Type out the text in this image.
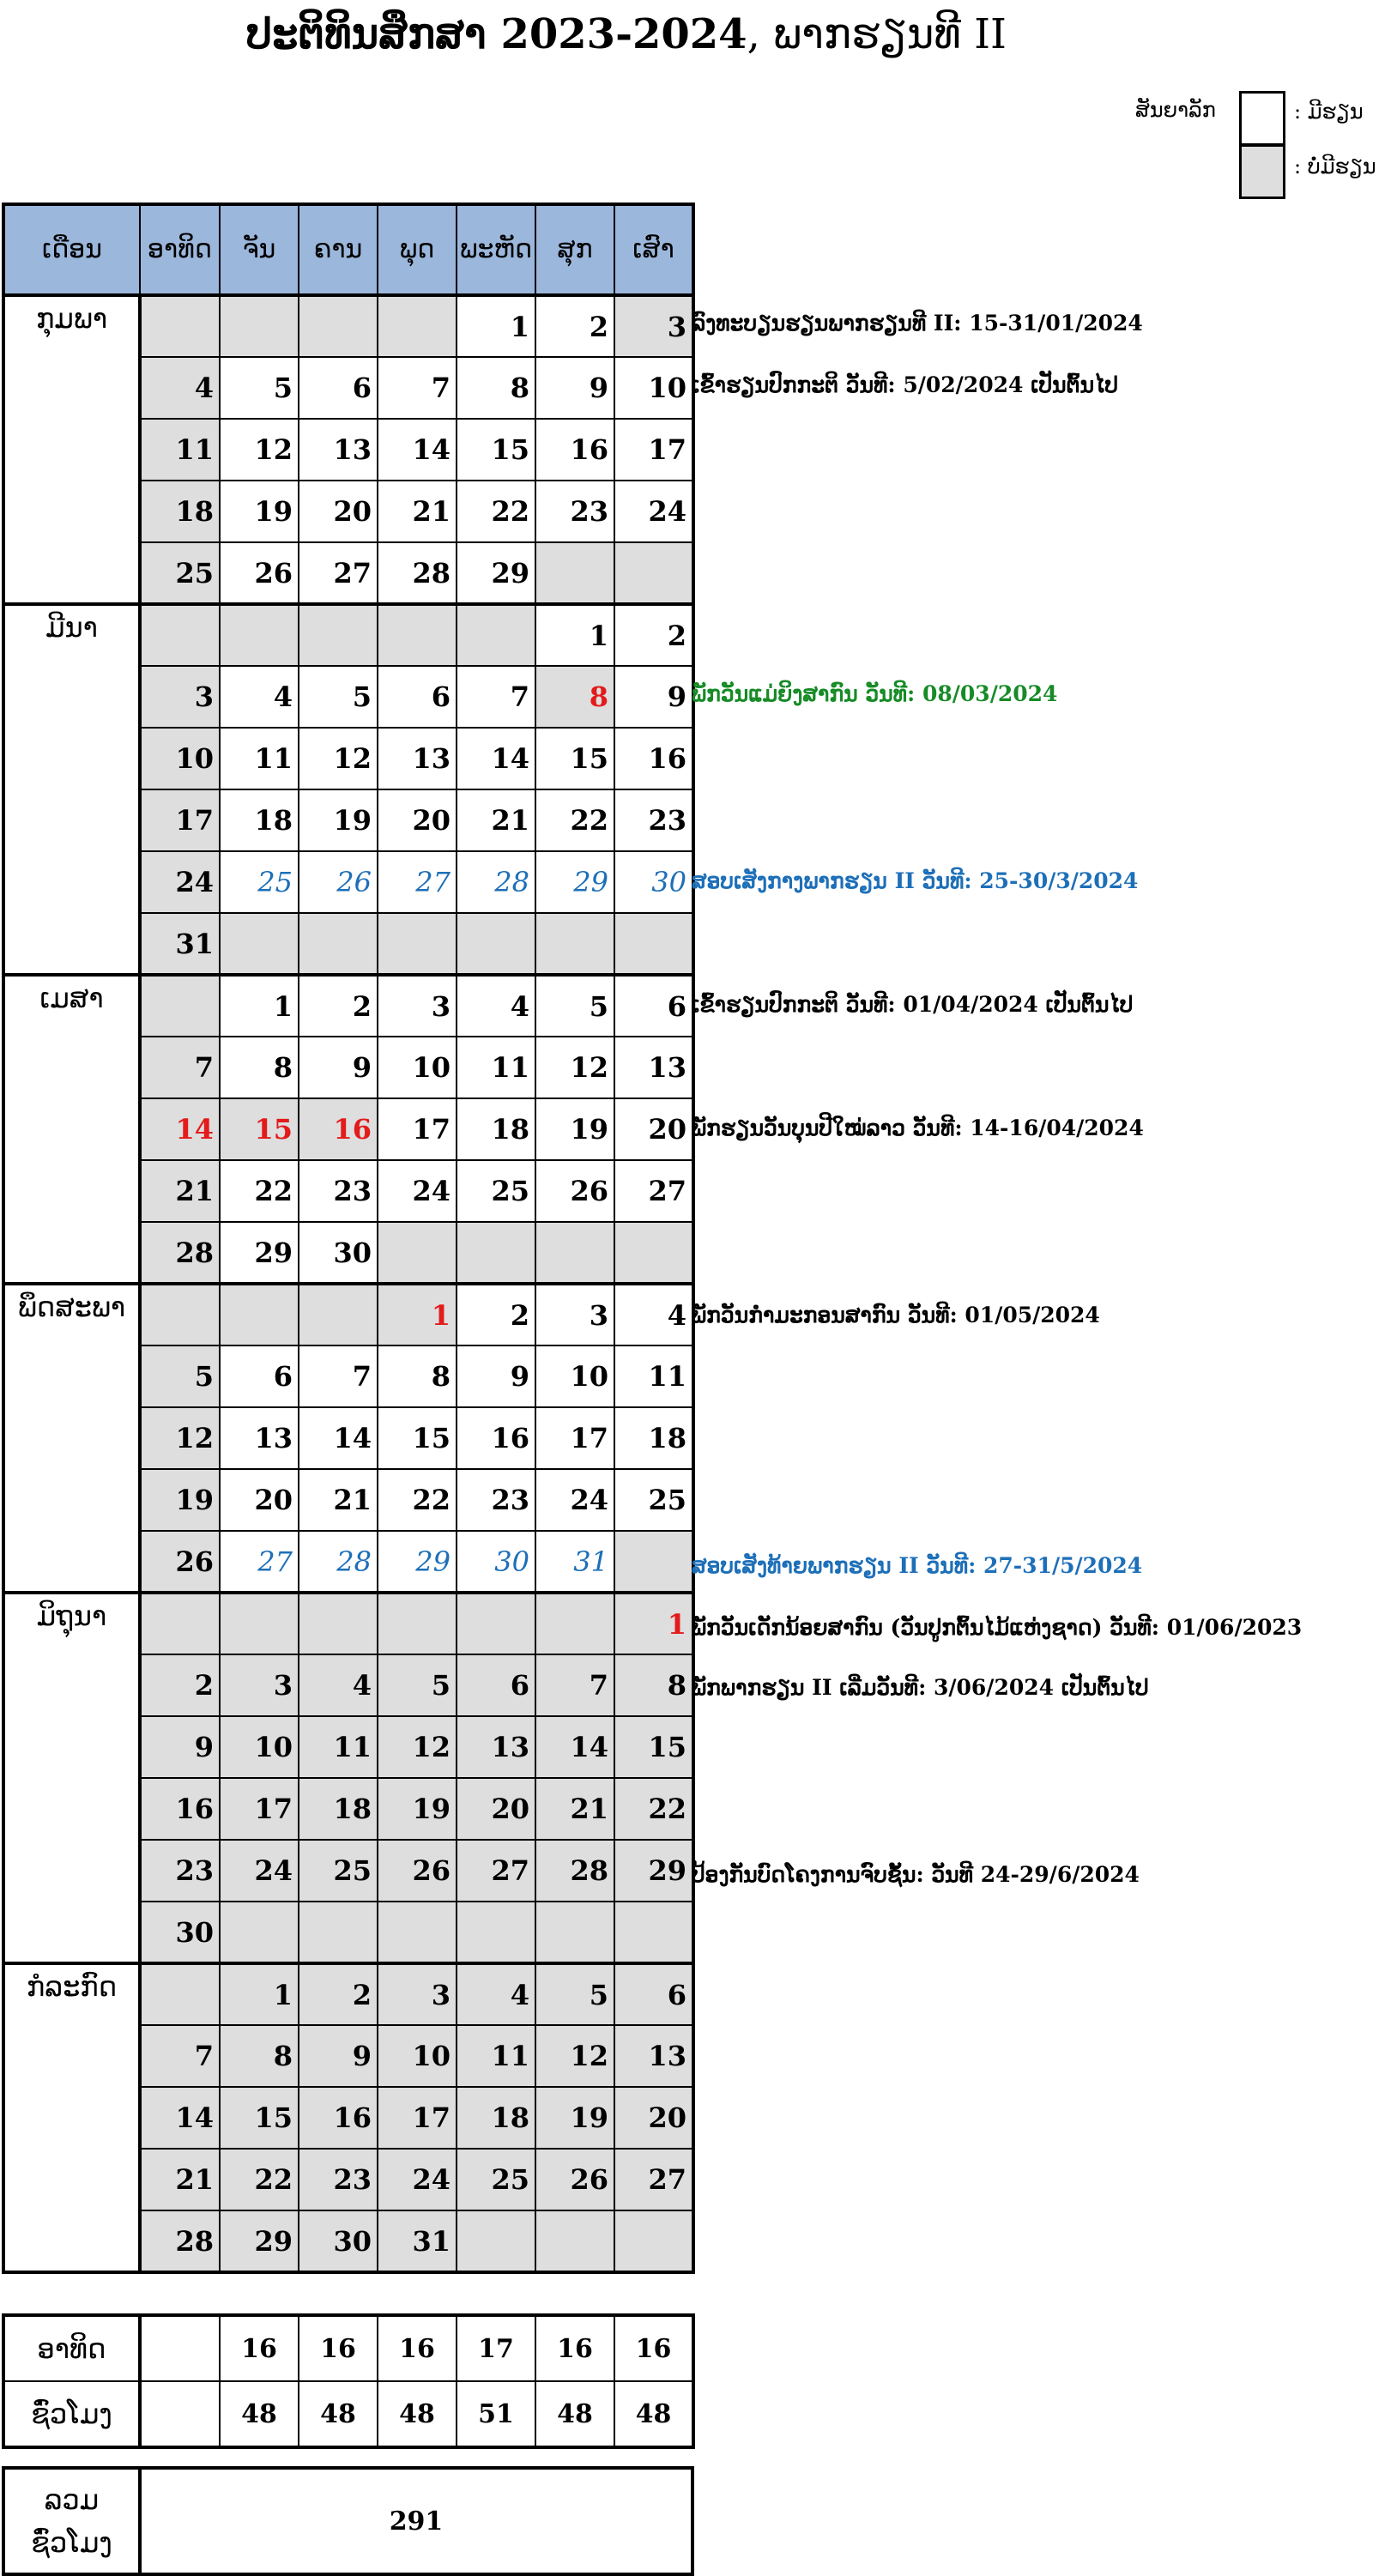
ປະຕິທິນສຶກສາ 2023-2024, ພາກຮຽນທີ II
ສັນຍາລັກ	: ມີຮຽນ
: ບໍ່ມີຮຽນ
ເດືອນ	ອາທິດ	ຈັນ	ຄານ	ພຸດ	ພະຫັດ	ສຸກ	ເສົາ
ກຸມພາ					1	2	3
	4	5	6	7	8	9	10
	11	12	13	14	15	16	17
	18	19	20	21	22	23	24
	25	26	27	28	29		
ມີນາ						1	2
	3	4	5	6	7	8	9
	10	11	12	13	14	15	16
	17	18	19	20	21	22	23
	24	25	26	27	28	29	30
	31						
ເມສາ		1	2	3	4	5	6
	7	8	9	10	11	12	13
	14	15	16	17	18	19	20
	21	22	23	24	25	26	27
	28	29	30				
ພຶດສະພາ				1	2	3	4
	5	6	7	8	9	10	11
	12	13	14	15	16	17	18
	19	20	21	22	23	24	25
	26	27	28	29	30	31	
ມິຖຸນາ							1
	2	3	4	5	6	7	8
	9	10	11	12	13	14	15
	16	17	18	19	20	21	22
	23	24	25	26	27	28	29
	30						
ກໍລະກົດ		1	2	3	4	5	6
	7	8	9	10	11	12	13
	14	15	16	17	18	19	20
	21	22	23	24	25	26	27
	28	29	30	31			
ລົງທະບຽນຮຽນພາກຮຽນທີ II: 15-31/01/2024
ເຂົ້າຮຽນປົກກະຕິ ວັນທີ: 5/02/2024 ເປັນຕົ້ນໄປ
ພັກວັນແມ່ຍິງສາກົນ ວັນທີ: 08/03/2024
ສອບເສັງກາງພາກຮຽນ II ວັນທີ: 25-30/3/2024
ເຂົ້າຮຽນປົກກະຕິ ວັນທີ: 01/04/2024 ເປັນຕົ້ນໄປ
ພັກຮຽນວັນບຸນປີໃໝ່ລາວ ວັນທີ: 14-16/04/2024
ພັກວັນກຳມະກອນສາກົນ ວັນທີ: 01/05/2024
ສອບເສັງທ້າຍພາກຮຽນ II ວັນທີ: 27-31/5/2024
ພັກວັນເດັກນ້ອຍສາກົນ (ວັນປູກຕົ້ນໄມ້ແຫ່ງຊາດ) ວັນທີ: 01/06/2023
ພັກພາກຮຽນ II ເລີ່ມວັນທີ: 3/06/2024 ເປັນຕົ້ນໄປ
ປ້ອງກັນບົດໂຄງການຈົບຊັ້ນ: ວັນທີ 24-29/6/2024
ອາທິດ		16	16	16	17	16	16
ຊົ່ວໂມງ		48	48	48	51	48	48
ລວມ
ຊົ່ວໂມງ
	291
